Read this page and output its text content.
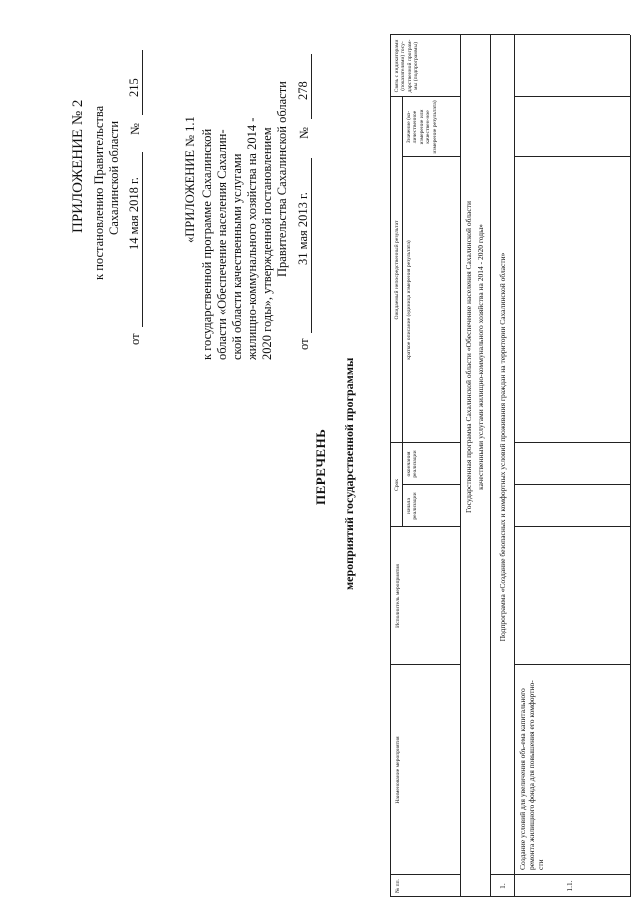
ПРИЛОЖЕНИЕ № 2 к постановлению Правительства Сахалинской области
от
14 мая 2018 г.
№
215
«ПРИЛОЖЕНИЕ № 1.1 к государственной программе Сахалинской области «Обеспечение населения Сахалин- ской области качественными услугами жилищно-коммунального хозяйства на 2014 - 2020 годы», утвержденной постановлением Правительства Сахалинской области
от
31 мая 2013 г.
№
278
ПЕРЕЧЕНЬ мероприятий государственной программы
№ пп.
Наименование мероприятия
Исполнитель мероприятия
Срок
начала реализации
окончания реализации
Ожидаемый непосредственный результат краткое описание (единица измерения результата)
Значение (ко-личественное измерение или качествен-ное измерение результата)
Связь с индикаторами (показателями) госу-дарственной програм-мы (подпрограммы)
Государственная программа Сахалинской области «Обеспечение населения Сахалинской области качественными услугами жилищно-коммунального хозяйства на 2014 - 2020 годы»
1.
Подпрограмма «Создание безопасных и комфортных условий проживания граждан на территории Сахалинской области»
1.1.
Создание условий для увеличения объ-ема капитального ремонта жилищного фонда для повышения его комфортно-сти
